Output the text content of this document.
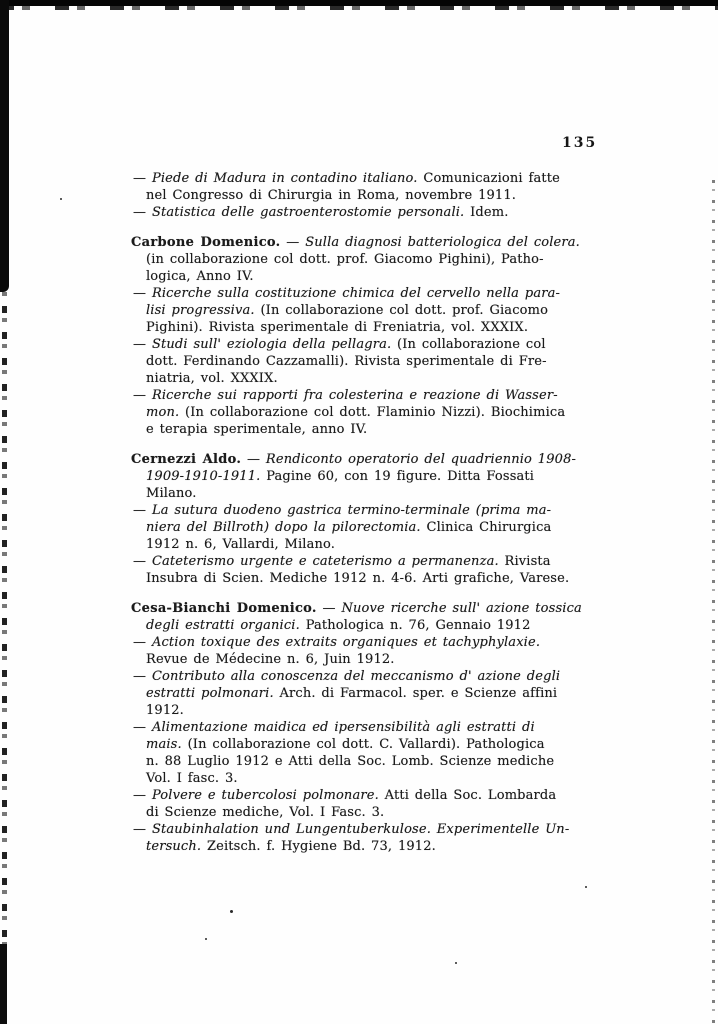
135
— Piede di Madura in contadino italiano. Comunicazioni fatte
nel Congresso di Chirurgia in Roma, novembre 1911.
— Statistica delle gastroenterostomie personali. Idem.
Carbone Domenico. — Sulla diagnosi batteriologica del colera.
(in collaborazione col dott. prof. Giacomo Pighini), Patho-
logica, Anno IV.
— Ricerche sulla costituzione chimica del cervello nella para-
lisi progressiva. (In collaborazione col dott. prof. Giacomo
Pighini). Rivista sperimentale di Freniatria, vol. XXXIX.
— Studi sull' eziologia della pellagra. (In collaborazione col
dott. Ferdinando Cazzamalli). Rivista sperimentale di Fre-
niatria, vol. XXXIX.
— Ricerche sui rapporti fra colesterina e reazione di Wasser-
mon. (In collaborazione col dott. Flaminio Nizzi). Biochimica
e terapia sperimentale, anno IV.
Cernezzi Aldo. — Rendiconto operatorio del quadriennio 1908-
1909-1910-1911. Pagine 60, con 19 figure. Ditta Fossati
Milano.
— La sutura duodeno gastrica termino-terminale (prima ma-
niera del Billroth) dopo la pilorectomia. Clinica Chirurgica
1912 n. 6, Vallardi, Milano.
— Cateterismo urgente e cateterismo a permanenza. Rivista
Insubra di Scien. Mediche 1912 n. 4-6. Arti grafiche, Varese.
Cesa-Bianchi Domenico. — Nuove ricerche sull' azione tossica
degli estratti organici. Pathologica n. 76, Gennaio 1912
— Action toxique des extraits organiques et tachyphylaxie.
Revue de Médecine n. 6, Juin 1912.
— Contributo alla conoscenza del meccanismo d' azione degli
estratti polmonari. Arch. di Farmacol. sper. e Scienze affini
1912.
— Alimentazione maidica ed ipersensibilità agli estratti di
mais. (In collaborazione col dott. C. Vallardi). Pathologica
n. 88 Luglio 1912 e Atti della Soc. Lomb. Scienze mediche
Vol. I fasc. 3.
— Polvere e tubercolosi polmonare. Atti della Soc. Lombarda
di Scienze mediche, Vol. I Fasc. 3.
— Staubinhalation und Lungentuberkulose. Experimentelle Un-
tersuch. Zeitsch. f. Hygiene Bd. 73, 1912.
